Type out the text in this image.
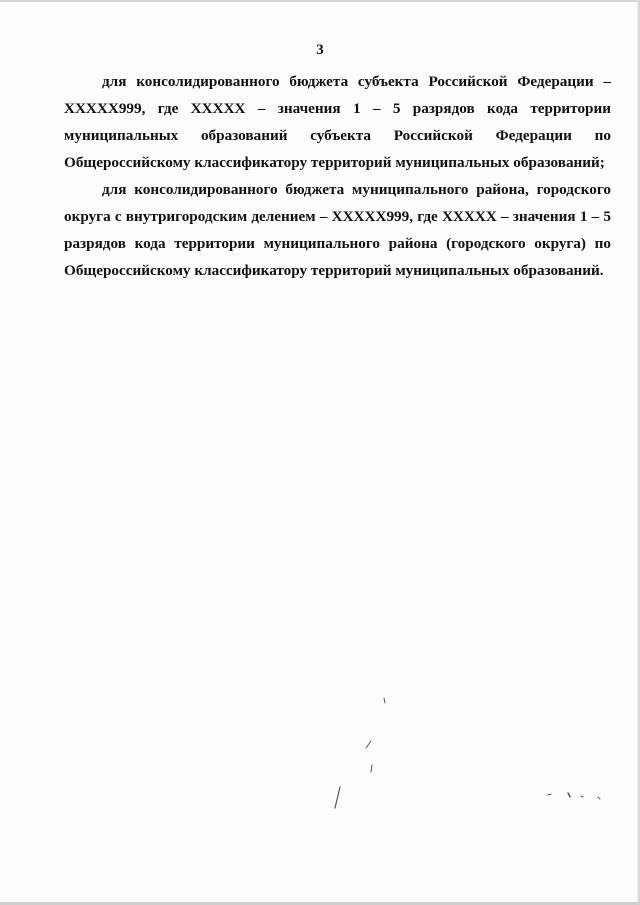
3

для консолидированного бюджета субъекта Российской Федерации – ХХХХХ999, где ХХХХХ – значения 1 – 5 разрядов кода территории муниципальных образований субъекта Российской Федерации по Общероссийскому классификатору территорий муниципальных образований;

для консолидированного бюджета муниципального района, городского округа с внутригородским делением – ХХХХХ999, где ХХХХХ – значения 1 – 5 разрядов кода территории муниципального района (городского округа) по Общероссийскому классификатору территорий муниципальных образований.
